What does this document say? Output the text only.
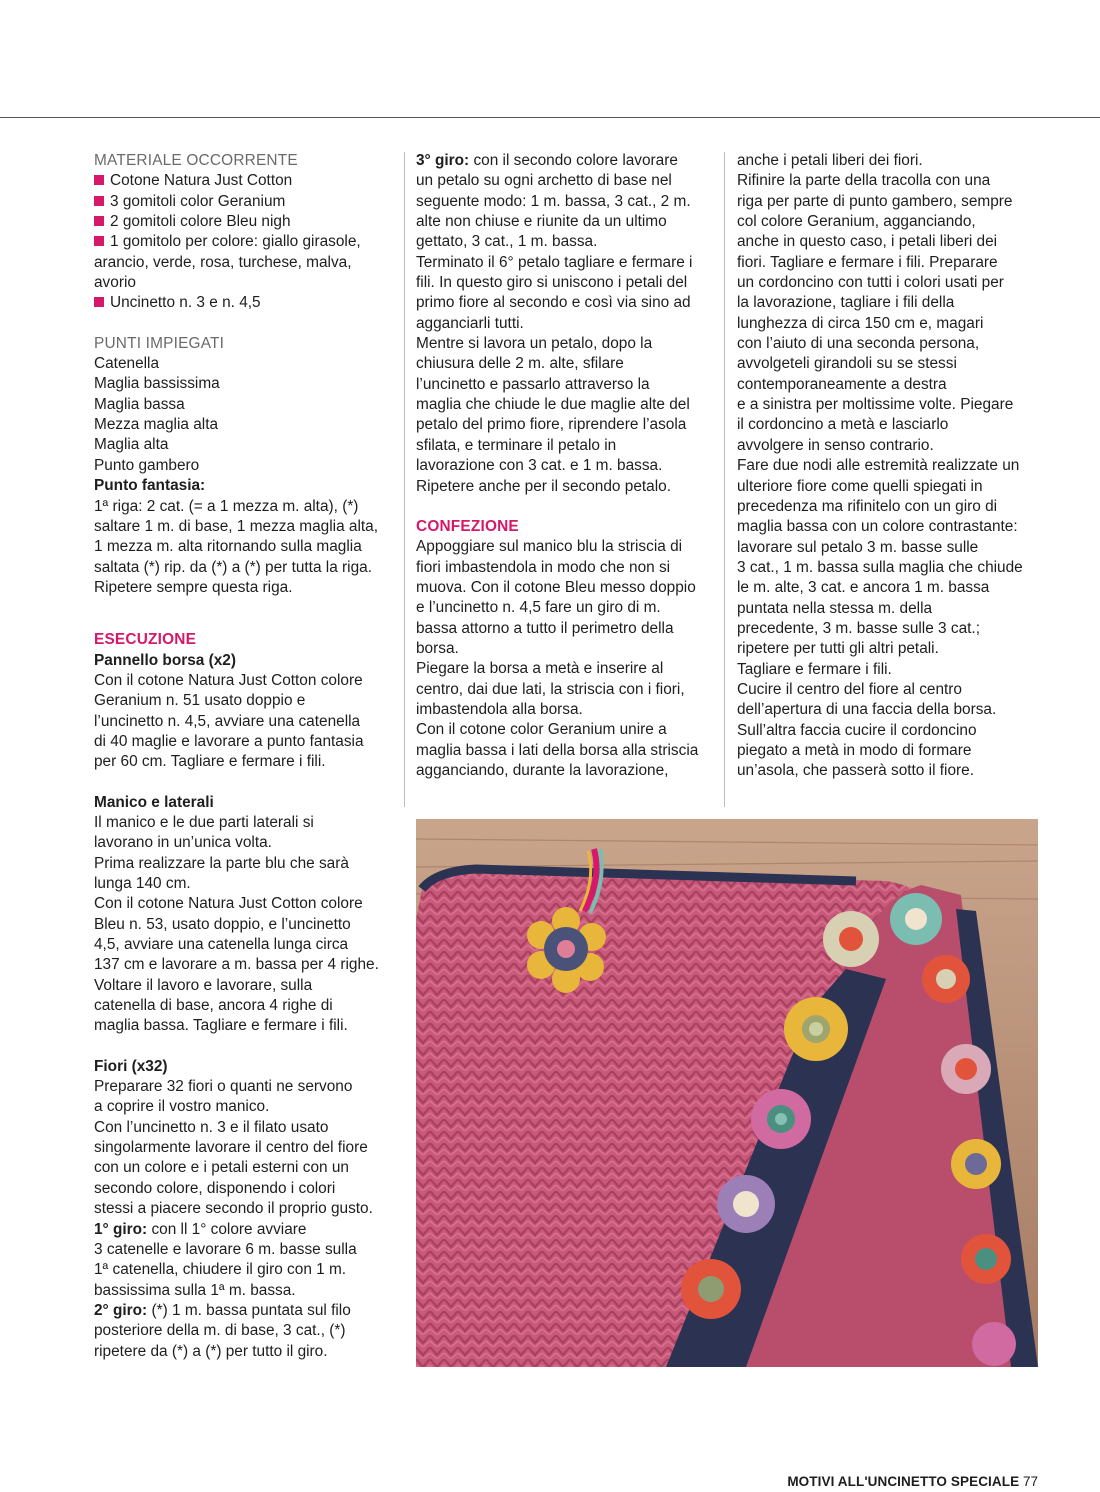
MATERIALE OCCORRENTE

Cotone Natura Just Cotton

3 gomitoli color Geranium

2 gomitoli colore Bleu nigh

1 gomitolo per colore: giallo girasole,

arancio, verde, rosa, turchese, malva,

avorio

Uncinetto n. 3 e n. 4,5

PUNTI IMPIEGATI

Catenella

Maglia bassissima

Maglia bassa

Mezza maglia alta

Maglia alta

Punto gambero

Punto fantasia:

1ª riga: 2 cat. (= a 1 mezza m. alta), (*)

saltare 1 m. di base, 1 mezza maglia alta,

1 mezza m. alta ritornando sulla maglia

saltata (*) rip. da (*) a (*) per tutta la riga.

Ripetere sempre questa riga.

ESECUZIONE

Pannello borsa (x2)

Con il cotone Natura Just Cotton colore

Geranium n. 51 usato doppio e

l’uncinetto n. 4,5, avviare una catenella

di 40 maglie e lavorare a punto fantasia

per 60 cm. Tagliare e fermare i fili.

Manico e laterali

Il manico e le due parti laterali si

lavorano in un’unica volta.

Prima realizzare la parte blu che sarà

lunga 140 cm.

Con il cotone Natura Just Cotton colore

Bleu n. 53, usato doppio, e l’uncinetto

4,5, avviare una catenella lunga circa

137 cm e lavorare a m. bassa per 4 righe.

Voltare il lavoro e lavorare, sulla

catenella di base, ancora 4 righe di

maglia bassa. Tagliare e fermare i fili.

Fiori (x32)

Preparare 32 fiori o quanti ne servono

a coprire il vostro manico.

Con l’uncinetto n. 3 e il filato usato

singolarmente lavorare il centro del fiore

con un colore e i petali esterni con un

secondo colore, disponendo i colori

stessi a piacere secondo il proprio gusto.

1° giro: con ll 1° colore avviare

3 catenelle e lavorare 6 m. basse sulla

1ª catenella, chiudere il giro con 1 m.

bassissima sulla 1ª m. bassa.

2° giro: (*) 1 m. bassa puntata sul filo

posteriore della m. di base, 3 cat., (*)

ripetere da (*) a (*) per tutto il giro.

3° giro: con il secondo colore lavorare

un petalo su ogni archetto di base nel

seguente modo: 1 m. bassa, 3 cat., 2 m.

alte non chiuse e riunite da un ultimo

gettato, 3 cat., 1 m. bassa.

Terminato il 6° petalo tagliare e fermare i

fili. In questo giro si uniscono i petali del

primo fiore al secondo e così via sino ad

agganciarli tutti.

Mentre si lavora un petalo, dopo la

chiusura delle 2 m. alte, sfilare

l’uncinetto e passarlo attraverso la

maglia che chiude le due maglie alte del

petalo del primo fiore, riprendere l’asola

sfilata, e terminare il petalo in

lavorazione con 3 cat. e 1 m. bassa.

Ripetere anche per il secondo petalo.

CONFEZIONE

Appoggiare sul manico blu la striscia di

fiori imbastendola in modo che non si

muova. Con il cotone Bleu messo doppio

e l’uncinetto n. 4,5 fare un giro di m.

bassa attorno a tutto il perimetro della

borsa.

Piegare la borsa a metà e inserire al

centro, dai due lati, la striscia con i fiori,

imbastendola alla borsa.

Con il cotone color Geranium unire a

maglia bassa i lati della borsa alla striscia

agganciando, durante la lavorazione,

anche i petali liberi dei fiori.

Rifinire la parte della tracolla con una

riga per parte di punto gambero, sempre

col colore Geranium, agganciando,

anche in questo caso, i petali liberi dei

fiori. Tagliare e fermare i fili. Preparare

un cordoncino con tutti i colori usati per

la lavorazione, tagliare i fili della

lunghezza di circa 150 cm e, magari

con l’aiuto di una seconda persona,

avvolgeteli girandoli su se stessi

contemporaneamente a destra

e a sinistra per moltissime volte. Piegare

il cordoncino a metà e lasciarlo

avvolgere in senso contrario.

Fare due nodi alle estremità realizzate un

ulteriore fiore come quelli spiegati in

precedenza ma rifinitelo con un giro di

maglia bassa con un colore contrastante:

lavorare sul petalo 3 m. basse sulle

3 cat., 1 m. bassa sulla maglia che chiude

le m. alte, 3 cat. e ancora 1 m. bassa

puntata nella stessa m. della

precedente, 3 m. basse sulle 3 cat.;

ripetere per tutti gli altri petali.

Tagliare e fermare i fili.

Cucire il centro del fiore al centro

dell’apertura di una faccia della borsa.

Sull’altra faccia cucire il cordoncino

piegato a metà in modo di formare

un’asola, che passerà sotto il fiore.

MOTIVI ALL'UNCINETTO SPECIALE 77
